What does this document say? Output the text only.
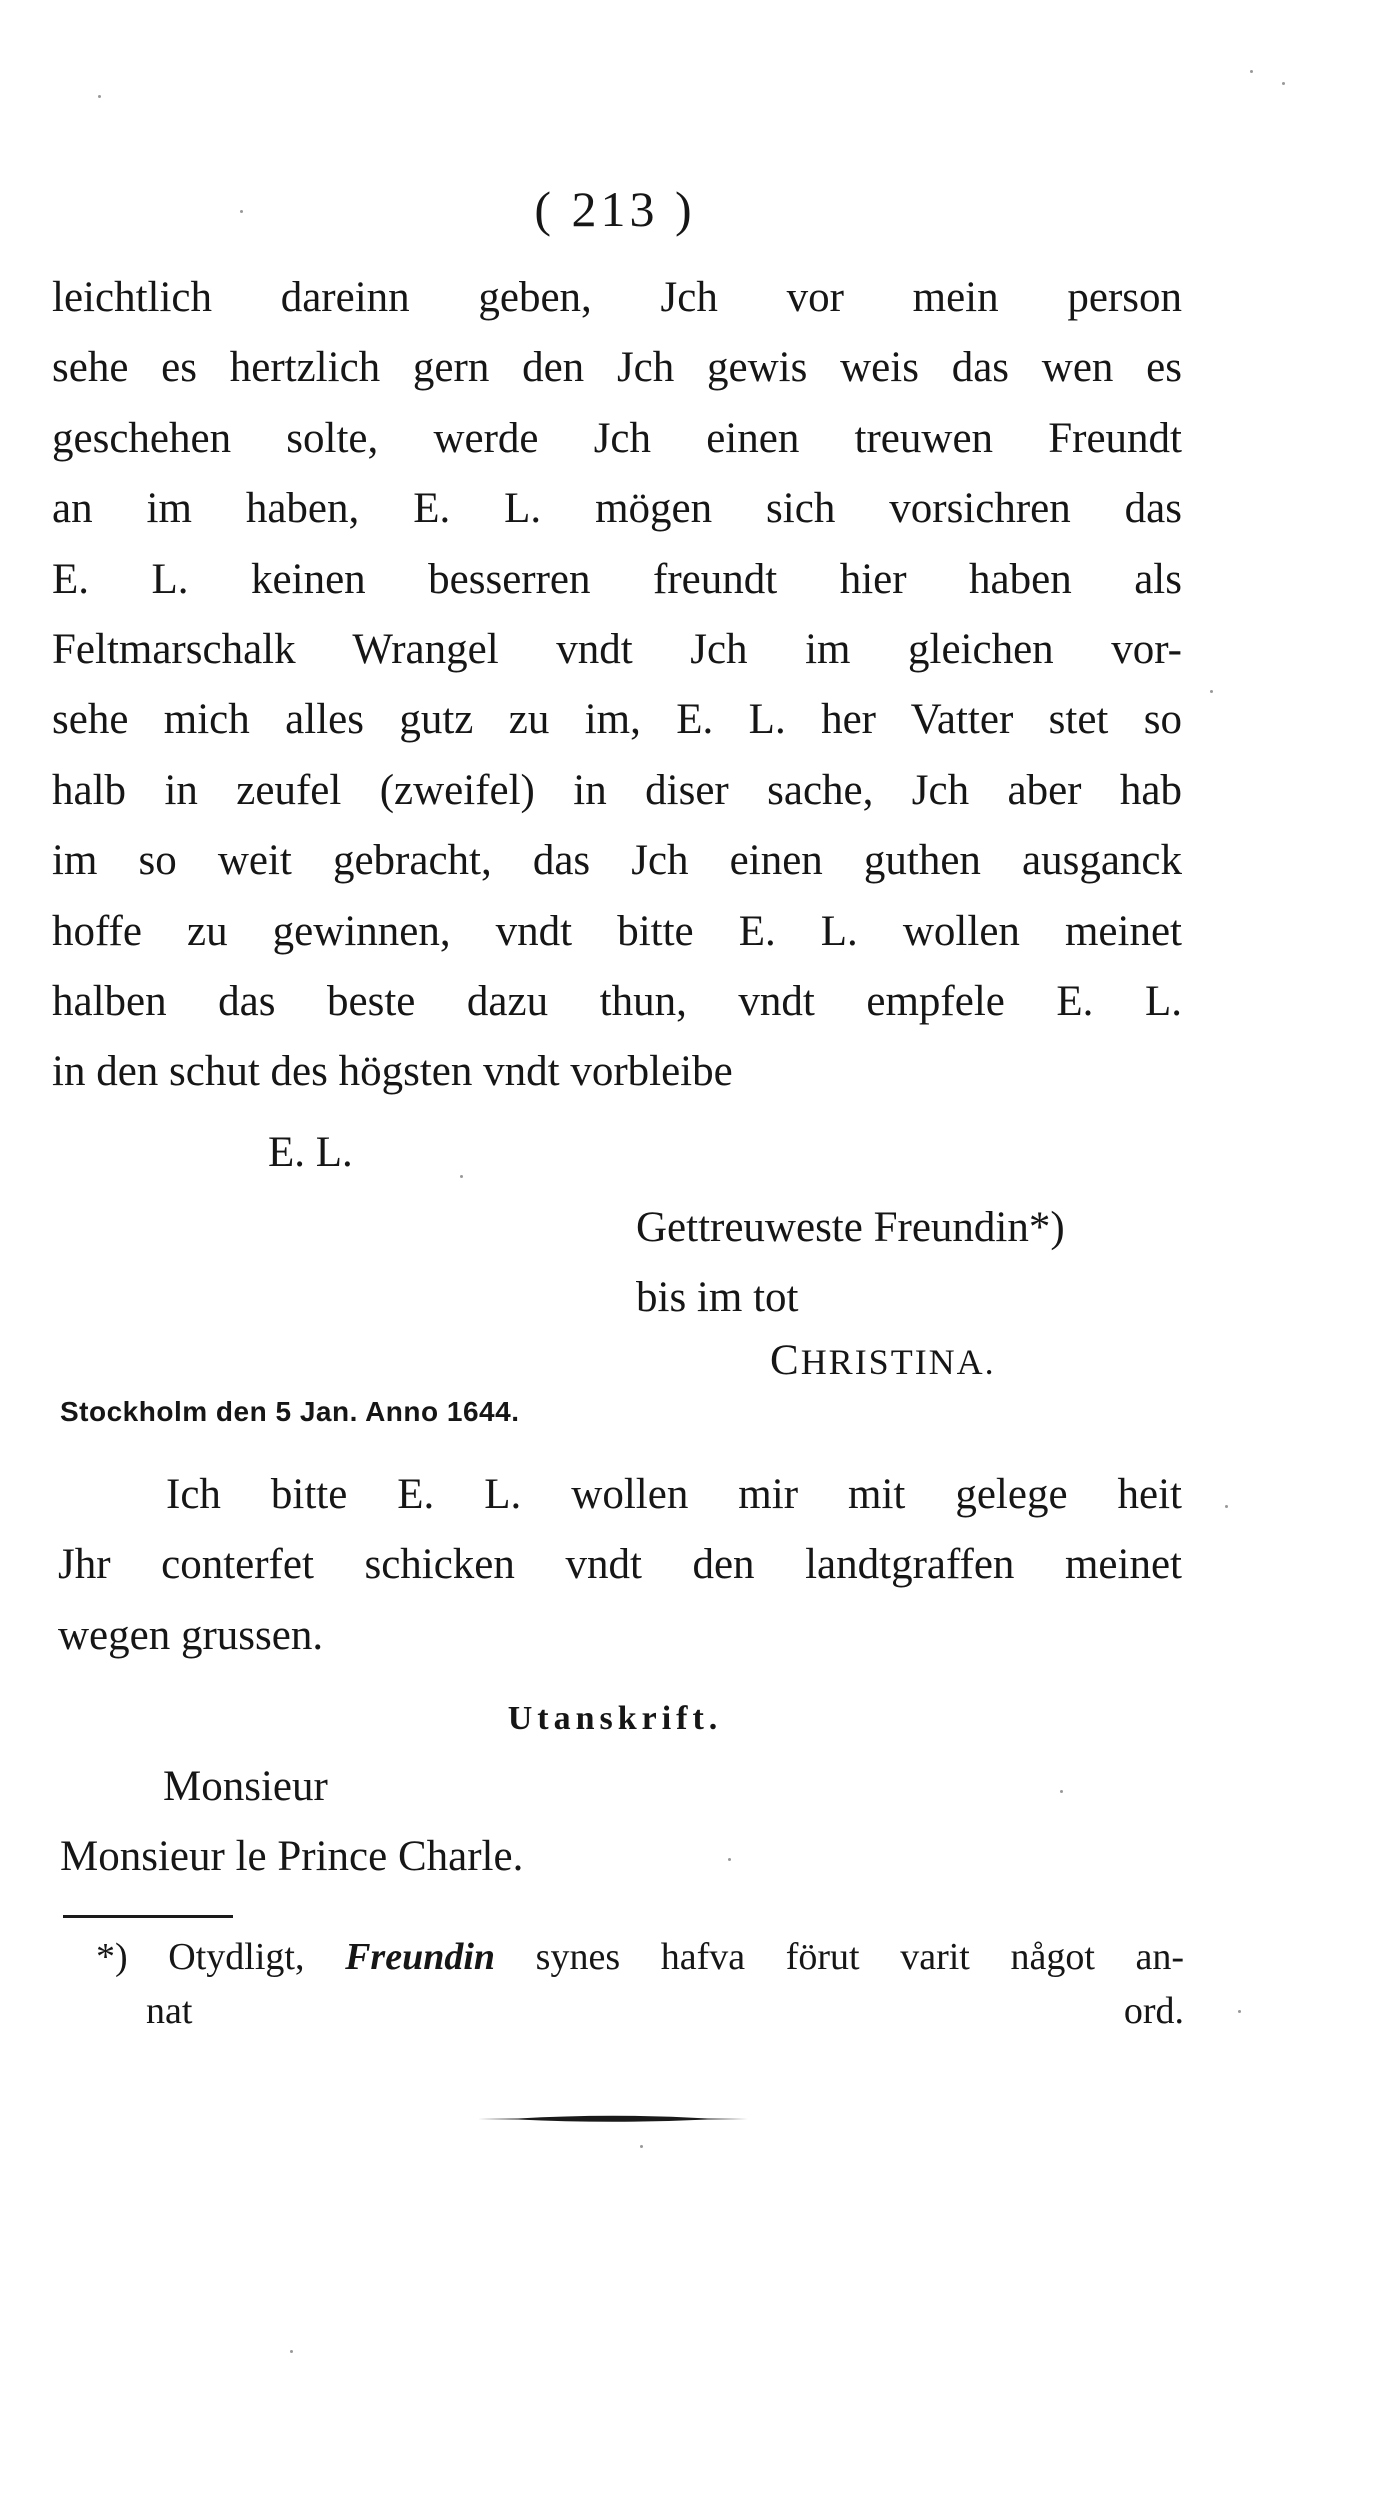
( 213 )
leichtlich dareinn geben, Jch vor mein person
sehe es hertzlich gern den Jch gewis weis das wen es
geschehen solte, werde Jch einen treuwen Freundt
an im haben, E. L. mögen sich vorsichren das
E. L. keinen besserren freundt hier haben als
Feltmarschalk Wrangel vndt Jch im gleichen vor-
sehe mich alles gutz zu im, E. L. her Vatter stet so
halb in zeufel (zweifel) in diser sache, Jch aber hab
im so weit gebracht, das Jch einen guthen ausganck
hoffe zu gewinnen, vndt bitte E. L. wollen meinet
halben das beste dazu thun, vndt empfele E. L.
in den schut des högsten vndt vorbleibe
E. L.
Gettreuweste Freundin*)
bis im tot
CHRISTINA.
Stockholm den 5 Jan. Anno 1644.
Ich bitte E. L. wollen mir mit gelege heit
Jhr conterfet schicken vndt den landtgraffen meinet
wegen grussen.
Utanskrift.
Monsieur
Monsieur le Prince Charle.
*) Otydligt, Freundin synes hafva förut varit något an-
nat ord.
